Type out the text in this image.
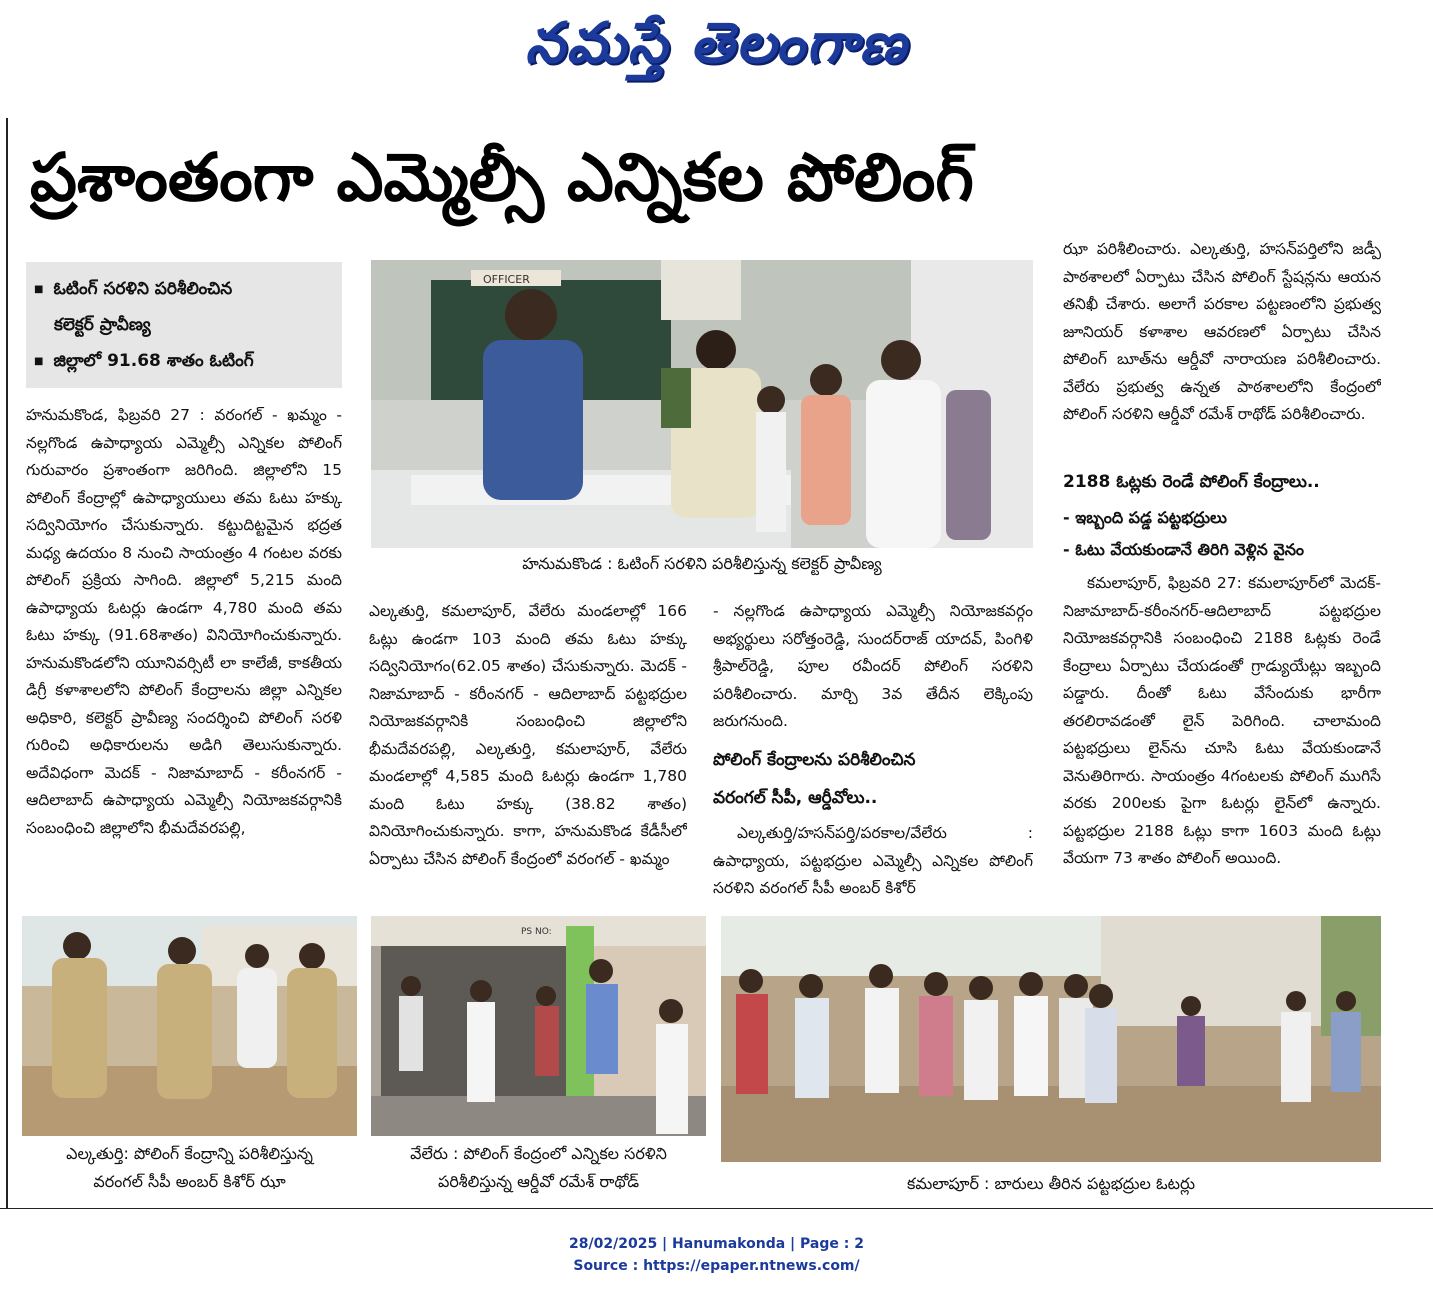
నమస్తే తెలంగాణ
ప్రశాంతంగా ఎమ్మెల్సీ ఎన్నికల పోలింగ్
■ ఓటింగ్ సరళిని పరిశీలించిన
కలెక్టర్ ప్రావీణ్య
■ జిల్లాలో 91.68 శాతం ఓటింగ్

హనుమకొండ, ఫిబ్రవరి 27 : వరంగల్ - ఖమ్మం - నల్లగొండ ఉపాధ్యాయ ఎమ్మెల్సీ ఎన్నికల పోలింగ్ గురువారం ప్రశాంతంగా జరిగింది. జిల్లాలోని 15 పోలింగ్ కేంద్రాల్లో ఉపాధ్యాయులు తమ ఓటు హక్కు సద్వినియోగం చేసుకున్నారు. కట్టుదిట్టమైన భద్రత మధ్య ఉదయం 8 నుంచి సాయంత్రం 4 గంటల వరకు పోలింగ్ ప్రక్రియ సాగింది. జిల్లాలో 5,215 మంది ఉపాధ్యాయ ఓటర్లు ఉండగా 4,780 మంది తమ ఓటు హక్కు (91.68శాతం) వినియోగించుకున్నారు. హనుమకొండలోని యూనివర్సిటీ లా కాలేజీ, కాకతీయ డిగ్రీ కళాశాలలోని పోలింగ్ కేంద్రాలను జిల్లా ఎన్నికల అధికారి, కలెక్టర్ ప్రావీణ్య సందర్శించి పోలింగ్ సరళి గురించి అధికారులను అడిగి తెలుసుకున్నారు. అదేవిధంగా మెదక్ - నిజామాబాద్ - కరీంనగర్ - ఆదిలాబాద్ ఉపాధ్యాయ ఎమ్మెల్సీ నియోజకవర్గానికి సంబంధించి జిల్లాలోని భీమదేవరపల్లి,

OFFICER
హనుమకొండ : ఓటింగ్ సరళిని పరిశీలిస్తున్న కలెక్టర్ ప్రావీణ్య

ఎల్కతుర్తి, కమలాపూర్, వేలేరు మండలాల్లో 166 ఓట్లు ఉండగా 103 మంది తమ ఓటు హక్కు సద్వినియోగం(62.05 శాతం) చేసుకున్నారు. మెదక్ - నిజామాబాద్ - కరీంనగర్ - ఆదిలాబాద్ పట్టభద్రుల నియోజకవర్గానికి సంబంధించి జిల్లాలోని భీమదేవరపల్లి, ఎల్కతుర్తి, కమలాపూర్, వేలేరు మండలాల్లో 4,585 మంది ఓటర్లు ఉండగా 1,780 మంది ఓటు హక్కు (38.82 శాతం) వినియోగించుకున్నారు. కాగా, హనుమకొండ కేడీసీలో ఏర్పాటు చేసిన పోలింగ్ కేంద్రంలో వరంగల్ - ఖమ్మం

- నల్లగొండ ఉపాధ్యాయ ఎమ్మెల్సీ నియోజకవర్గం అభ్యర్థులు సరోత్తంరెడ్డి, సుందర్‌రాజ్ యాదవ్, పింగిళి శ్రీపాల్‌రెడ్డి, పూల రవీందర్ పోలింగ్ సరళిని పరిశీలించారు. మార్చి 3వ తేదీన లెక్కింపు జరుగనుంది.

పోలింగ్ కేంద్రాలను పరిశీలించిన
వరంగల్ సీపీ, ఆర్డీవోలు..

ఎల్కతుర్తి/హసన్‌పర్తి/పరకాల/వేలేరు : ఉపాధ్యాయ, పట్టభద్రుల ఎమ్మెల్సీ ఎన్నికల పోలింగ్ సరళిని వరంగల్ సీపీ అంబర్ కిశోర్

ఝా పరిశీలించారు. ఎల్కతుర్తి, హసన్‌పర్తిలోని జడ్పీ పాఠశాలలో ఏర్పాటు చేసిన పోలింగ్ స్టేషన్లను ఆయన తనిఖీ చేశారు. అలాగే పరకాల పట్టణంలోని ప్రభుత్వ జూనియర్ కళాశాల ఆవరణలో ఏర్పాటు చేసిన పోలింగ్ బూత్‌ను ఆర్డీవో నారాయణ పరిశీలించారు. వేలేరు ప్రభుత్వ ఉన్నత పాఠశాలలోని కేంద్రంలో పోలింగ్ సరళిని ఆర్డీవో రమేశ్ రాథోడ్ పరిశీలించారు.

2188 ఓట్లకు రెండే పోలింగ్ కేంద్రాలు..
- ఇబ్బంది పడ్డ పట్టభద్రులు
- ఓటు వేయకుండానే తిరిగి వెళ్లిన వైనం

కమలాపూర్, ఫిబ్రవరి 27: కమలాపూర్‌లో మెదక్-నిజామాబాద్-కరీంనగర్-ఆదిలాబాద్ పట్టభద్రుల నియోజకవర్గానికి సంబంధించి 2188 ఓట్లకు రెండే కేంద్రాలు ఏర్పాటు చేయడంతో గ్రాడ్యుయేట్లు ఇబ్బంది పడ్డారు. దీంతో ఓటు వేసేందుకు భారీగా తరలిరావడంతో లైన్ పెరిగింది. చాలామంది పట్టభద్రులు లైన్‌ను చూసి ఓటు వేయకుండానే వెనుతిరిగారు. సాయంత్రం 4గంటలకు పోలింగ్ ముగిసే వరకు 200లకు పైగా ఓటర్లు లైన్‌లో ఉన్నారు. పట్టభద్రుల 2188 ఓట్లు కాగా 1603 మంది ఓట్లు వేయగా 73 శాతం పోలింగ్ అయింది.

ఎల్కతుర్తి: పోలింగ్ కేంద్రాన్ని పరిశీలిస్తున్న
వరంగల్ సీపీ అంబర్ కిశోర్ ఝా
PS NO:
వేలేరు : పోలింగ్ కేంద్రంలో ఎన్నికల సరళిని
పరిశీలిస్తున్న ఆర్డీవో రమేశ్ రాథోడ్	కమలాపూర్ : బారులు తీరిన పట్టభద్రుల ఓటర్లు
28/02/2025 | Hanumakonda | Page : 2
Source : https://epaper.ntnews.com/
